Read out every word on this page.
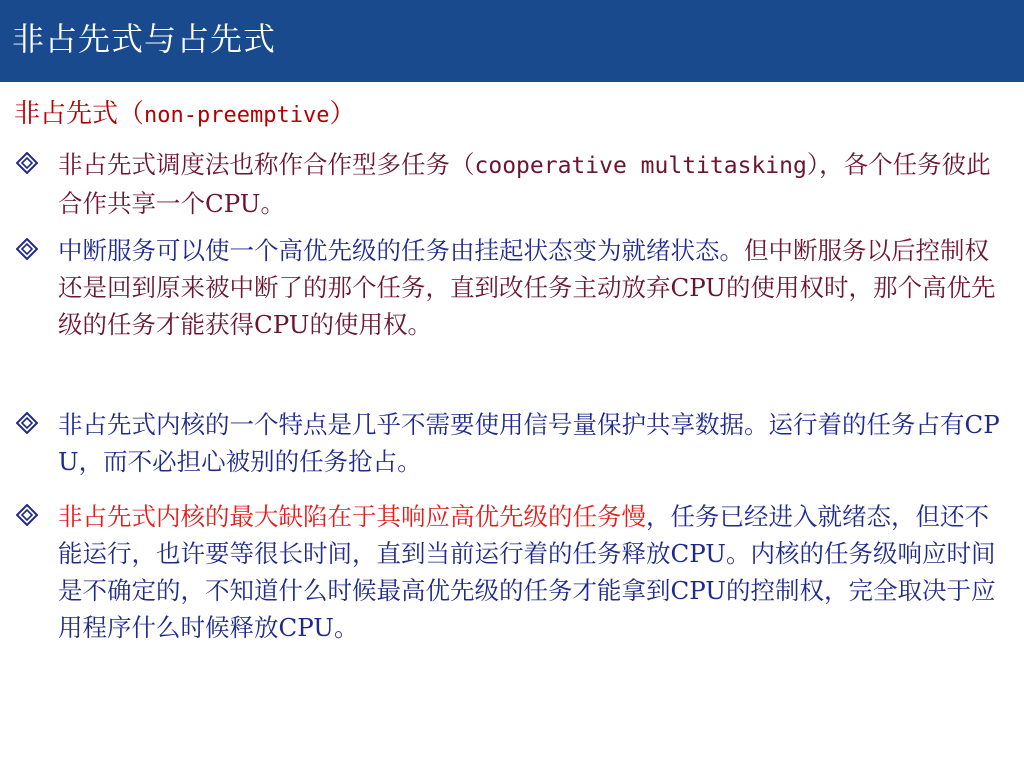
非占先式与占先式
非占先式（non-preemptive）

非占先式调度法也称作合作型多任务（cooperative multitasking），各个任务彼此合作共享一个CPU。

中断服务可以使一个高优先级的任务由挂起状态变为就绪状态。但中断服务以后控制权还是回到原来被中断了的那个任务，直到改任务主动放弃CPU的使用权时，那个高优先级的任务才能获得CPU的使用权。

非占先式内核的一个特点是几乎不需要使用信号量保护共享数据。运行着的任务占有CPU，而不必担心被别的任务抢占。

非占先式内核的最大缺陷在于其响应高优先级的任务慢，任务已经进入就绪态，但还不能运行，也许要等很长时间，直到当前运行着的任务释放CPU。内核的任务级响应时间是不确定的，不知道什么时候最高优先级的任务才能拿到CPU的控制权，完全取决于应用程序什么时候释放CPU。
